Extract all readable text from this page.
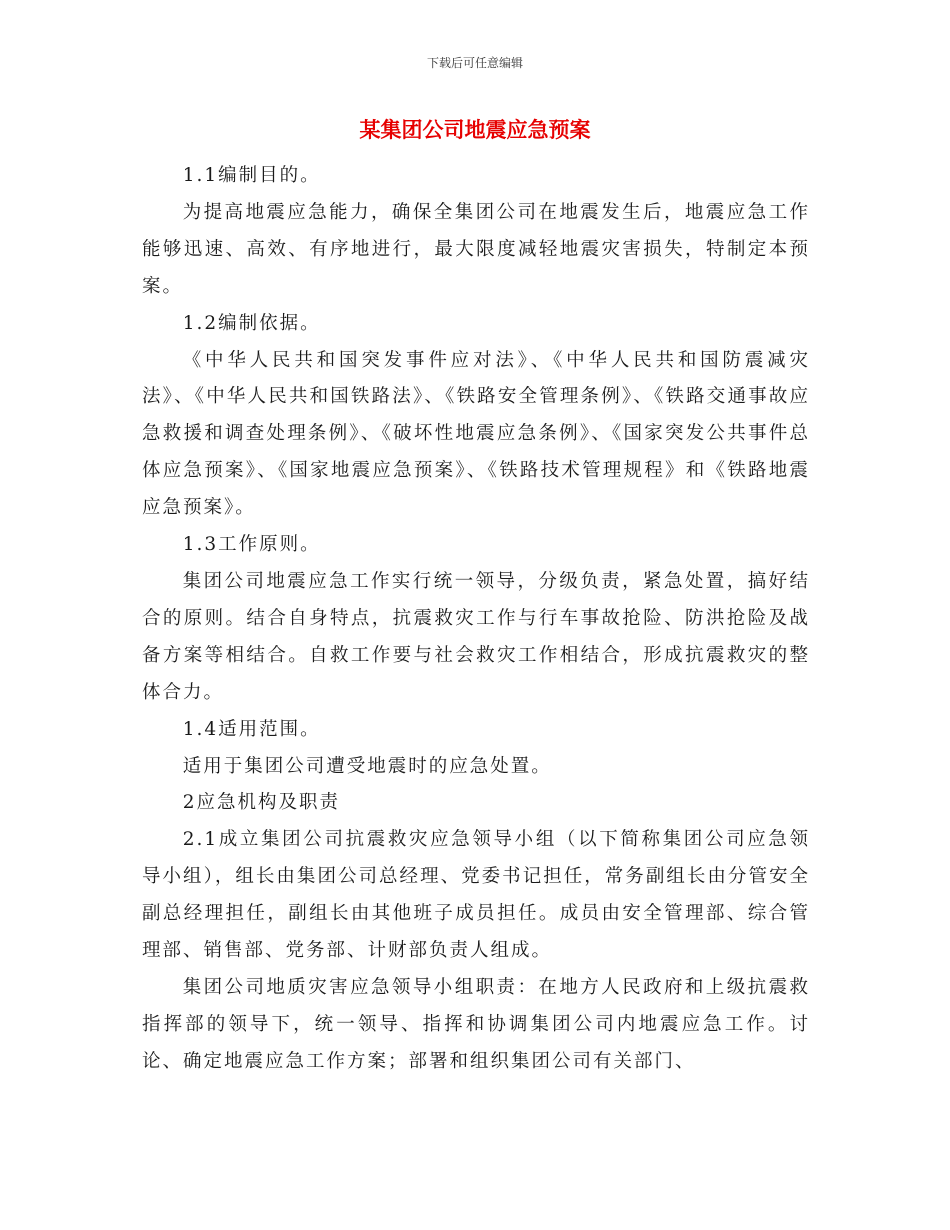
下载后可任意编辑
某集团公司地震应急预案

1.1编制目的。

为提高地震应急能力，确保全集团公司在地震发生后，地震应急工作能够迅速、高效、有序地进行，最大限度减轻地震灾害损失，特制定本预案。

1.2编制依据。

《中华人民共和国突发事件应对法》、《中华人民共和国防震减灾法》、《中华人民共和国铁路法》、《铁路安全管理条例》、《铁路交通事故应急救援和调查处理条例》、《破坏性地震应急条例》、《国家突发公共事件总体应急预案》、《国家地震应急预案》、《铁路技术管理规程》和《铁路地震应急预案》。

1.3工作原则。

集团公司地震应急工作实行统一领导，分级负责，紧急处置，搞好结合的原则。结合自身特点，抗震救灾工作与行车事故抢险、防洪抢险及战备方案等相结合。自救工作要与社会救灾工作相结合，形成抗震救灾的整体合力。

1.4适用范围。

适用于集团公司遭受地震时的应急处置。

2应急机构及职责

2.1成立集团公司抗震救灾应急领导小组（以下简称集团公司应急领导小组），组长由集团公司总经理、党委书记担任，常务副组长由分管安全副总经理担任，副组长由其他班子成员担任。成员由安全管理部、综合管理部、销售部、党务部、计财部负责人组成。

集团公司地质灾害应急领导小组职责：在地方人民政府和上级抗震救指挥部的领导下，统一领导、指挥和协调集团公司内地震应急工作。讨论、确定地震应急工作方案；部署和组织集团公司有关部门、
